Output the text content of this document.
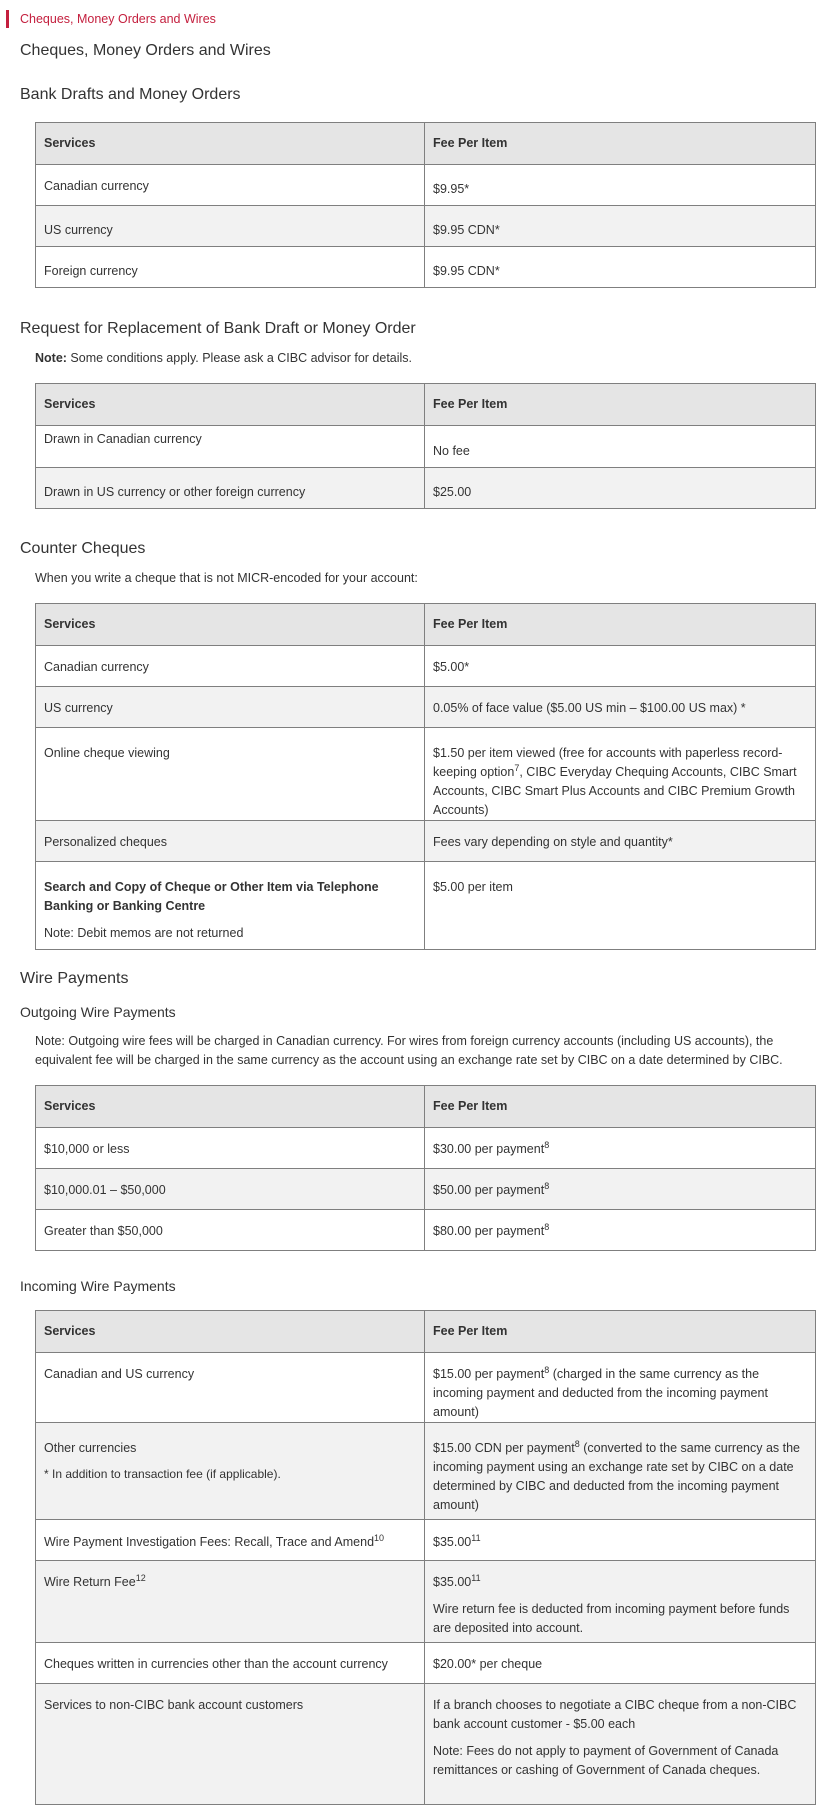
Cheques, Money Orders and Wires
Cheques, Money Orders and Wires
Bank Drafts and Money Orders
Services	Fee Per Item
Canadian currency	$9.95*
US currency	$9.95 CDN*
Foreign currency	$9.95 CDN*
Request for Replacement of Bank Draft or Money Order
Note: Some conditions apply. Please ask a CIBC advisor for details.
Services	Fee Per Item
Drawn in Canadian currency	No fee
Drawn in US currency or other foreign currency	$25.00
Counter Cheques
When you write a cheque that is not MICR-encoded for your account:
Services	Fee Per Item
Canadian currency	$5.00*
US currency	0.05% of face value ($5.00 US min – $100.00 US max) *
Online cheque viewing	$1.50 per item viewed (free for accounts with paperless record-keeping option$^7$, CIBC Everyday Chequing Accounts, CIBC Smart Accounts, CIBC Smart Plus Accounts and CIBC Premium Growth Accounts)
Personalized cheques	Fees vary depending on style and quantity*

Search and Copy of Cheque or Other Item via Telephone Banking or Banking Centre

Note: Debit memos are not returned	$5.00 per item
Wire Payments
Outgoing Wire Payments
Note: Outgoing wire fees will be charged in Canadian currency. For wires from foreign currency accounts (including US accounts), the equivalent fee will be charged in the same currency as the account using an exchange rate set by CIBC on a date determined by CIBC.
Services	Fee Per Item
$10,000 or less	$30.00 per payment$^8$
$10,000.01 – $50,000	$50.00 per payment$^8$
Greater than $50,000	$80.00 per payment$^8$
Incoming Wire Payments
Services	Fee Per Item
Canadian and US currency	$15.00 per payment$^8$ (charged in the same currency as the incoming payment and deducted from the incoming payment amount)

Other currencies

* In addition to transaction fee (if applicable).	$15.00 CDN per payment$^8$ (converted to the same currency as the incoming payment using an exchange rate set by CIBC on a date determined by CIBC and deducted from the incoming payment amount)
Wire Payment Investigation Fees: Recall, Trace and Amend$^{10}$	$35.00$^{11}$
Wire Return Fee$^{12}$	$35.00$^{11}$

Wire return fee is deducted from incoming payment before funds are deposited into account.

Cheques written in currencies other than the account currency	$20.00* per cheque
Services to non-CIBC bank account customers	If a branch chooses to negotiate a CIBC cheque from a non-CIBC bank account customer - $5.00 each

Note: Fees do not apply to payment of Government of Canada remittances or cashing of Government of Canada cheques.
